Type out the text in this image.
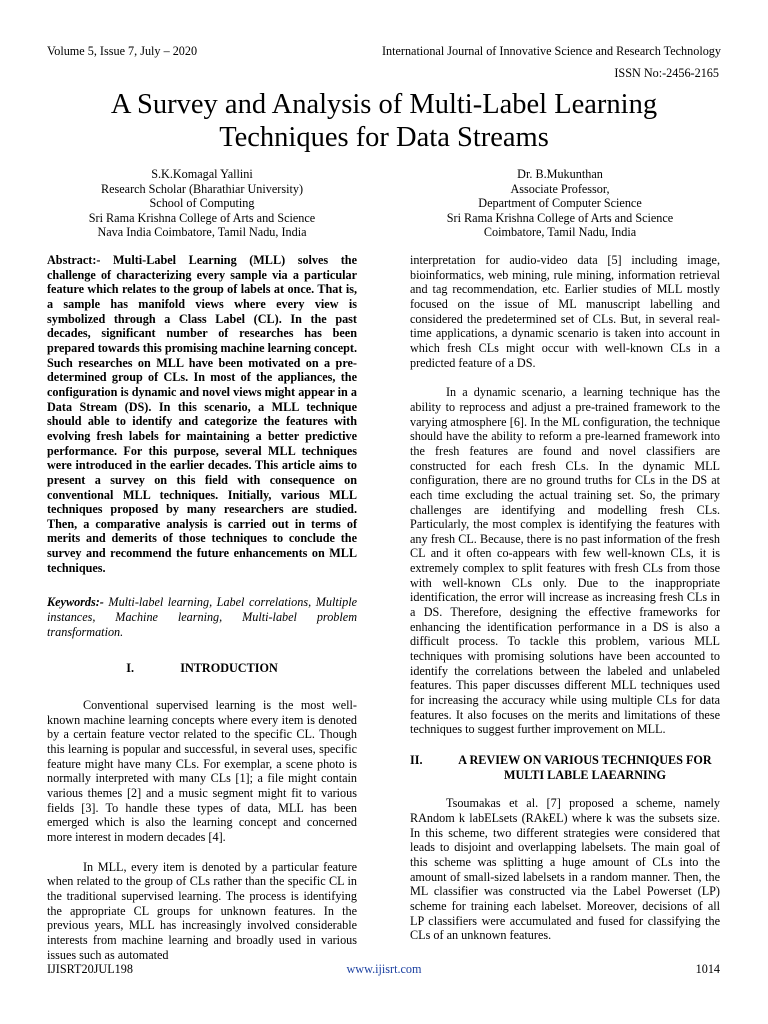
Volume 5, Issue 7, July – 2020	International Journal of Innovative Science and Research Technology
ISSN No:-2456-2165
A Survey and Analysis of Multi-Label Learning
Techniques for Data Streams
S.K.Komagal Yallini
Research Scholar (Bharathiar University)
School of Computing
Sri Rama Krishna College of Arts and Science
Nava India Coimbatore, Tamil Nadu, India
Dr. B.Mukunthan
Associate Professor,
Department of Computer Science
Sri Rama Krishna College of Arts and Science
Coimbatore, Tamil Nadu, India

Abstract:- Multi-Label Learning (MLL) solves the challenge of characterizing every sample via a particular feature which relates to the group of labels at once. That is, a sample has manifold views where every view is symbolized through a Class Label (CL). In the past decades, significant number of researches has been prepared towards this promising machine learning concept. Such researches on MLL have been motivated on a pre-determined group of CLs. In most of the appliances, the configuration is dynamic and novel views might appear in a Data Stream (DS). In this scenario, a MLL technique should able to identify and categorize the features with evolving fresh labels for maintaining a better predictive performance. For this purpose, several MLL techniques were introduced in the earlier decades. This article aims to present a survey on this field with consequence on conventional MLL techniques. Initially, various MLL techniques proposed by many researchers are studied. Then, a comparative analysis is carried out in terms of merits and demerits of those techniques to conclude the survey and recommend the future enhancements on MLL techniques.

Keywords:- Multi-label learning, Label correlations, Multiple instances, Machine learning, Multi-label problem transformation.

I.	INTRODUCTION

Conventional supervised learning is the most well-known machine learning concepts where every item is denoted by a certain feature vector related to the specific CL. Though this learning is popular and successful, in several uses, specific feature might have many CLs. For exemplar, a scene photo is normally interpreted with many CLs [1]; a file might contain various themes [2] and a music segment might fit to various fields [3]. To handle these types of data, MLL has been emerged which is also the learning concept and concerned more interest in modern decades [4].

In MLL, every item is denoted by a particular feature when related to the group of CLs rather than the specific CL in the traditional supervised learning. The process is identifying the appropriate CL groups for unknown features. In the previous years, MLL has increasingly involved considerable interests from machine learning and broadly used in various issues such as automated

interpretation for audio-video data [5] including image, bioinformatics, web mining, rule mining, information retrieval and tag recommendation, etc. Earlier studies of MLL mostly focused on the issue of ML manuscript labelling and considered the predetermined set of CLs. But, in several real-time applications, a dynamic scenario is taken into account in which fresh CLs might occur with well-known CLs in a predicted feature of a DS.

In a dynamic scenario, a learning technique has the ability to reprocess and adjust a pre-trained framework to the varying atmosphere [6]. In the ML configuration, the technique should have the ability to reform a pre-learned framework into the fresh features are found and novel classifiers are constructed for each fresh CLs. In the dynamic MLL configuration, there are no ground truths for CLs in the DS at each time excluding the actual training set. So, the primary challenges are identifying and modelling fresh CLs. Particularly, the most complex is identifying the features with any fresh CL. Because, there is no past information of the fresh CL and it often co-appears with few well-known CLs, it is extremely complex to split features with fresh CLs from those with well-known CLs only. Due to the inappropriate identification, the error will increase as increasing fresh CLs in a DS. Therefore, designing the effective frameworks for enhancing the identification performance in a DS is also a difficult process. To tackle this problem, various MLL techniques with promising solutions have been accounted to identify the correlations between the labeled and unlabeled features. This paper discusses different MLL techniques used for increasing the accuracy while using multiple CLs for data features. It also focuses on the merits and limitations of these techniques to suggest further improvement on MLL.

II.	A REVIEW ON VARIOUS TECHNIQUES FOR MULTI LABLE LAEARNING

Tsoumakas et al. [7] proposed a scheme, namely RAndom k labELsets (RAkEL) where k was the subsets size. In this scheme, two different strategies were considered that leads to disjoint and overlapping labelsets. The main goal of this scheme was splitting a huge amount of CLs into the amount of small-sized labelsets in a random manner. Then, the ML classifier was constructed via the Label Powerset (LP) scheme for training each labelset. Moreover, decisions of all LP classifiers were accumulated and fused for classifying the CLs of an unknown features.

IJISRT20JUL198	www.ijisrt.com	1014
